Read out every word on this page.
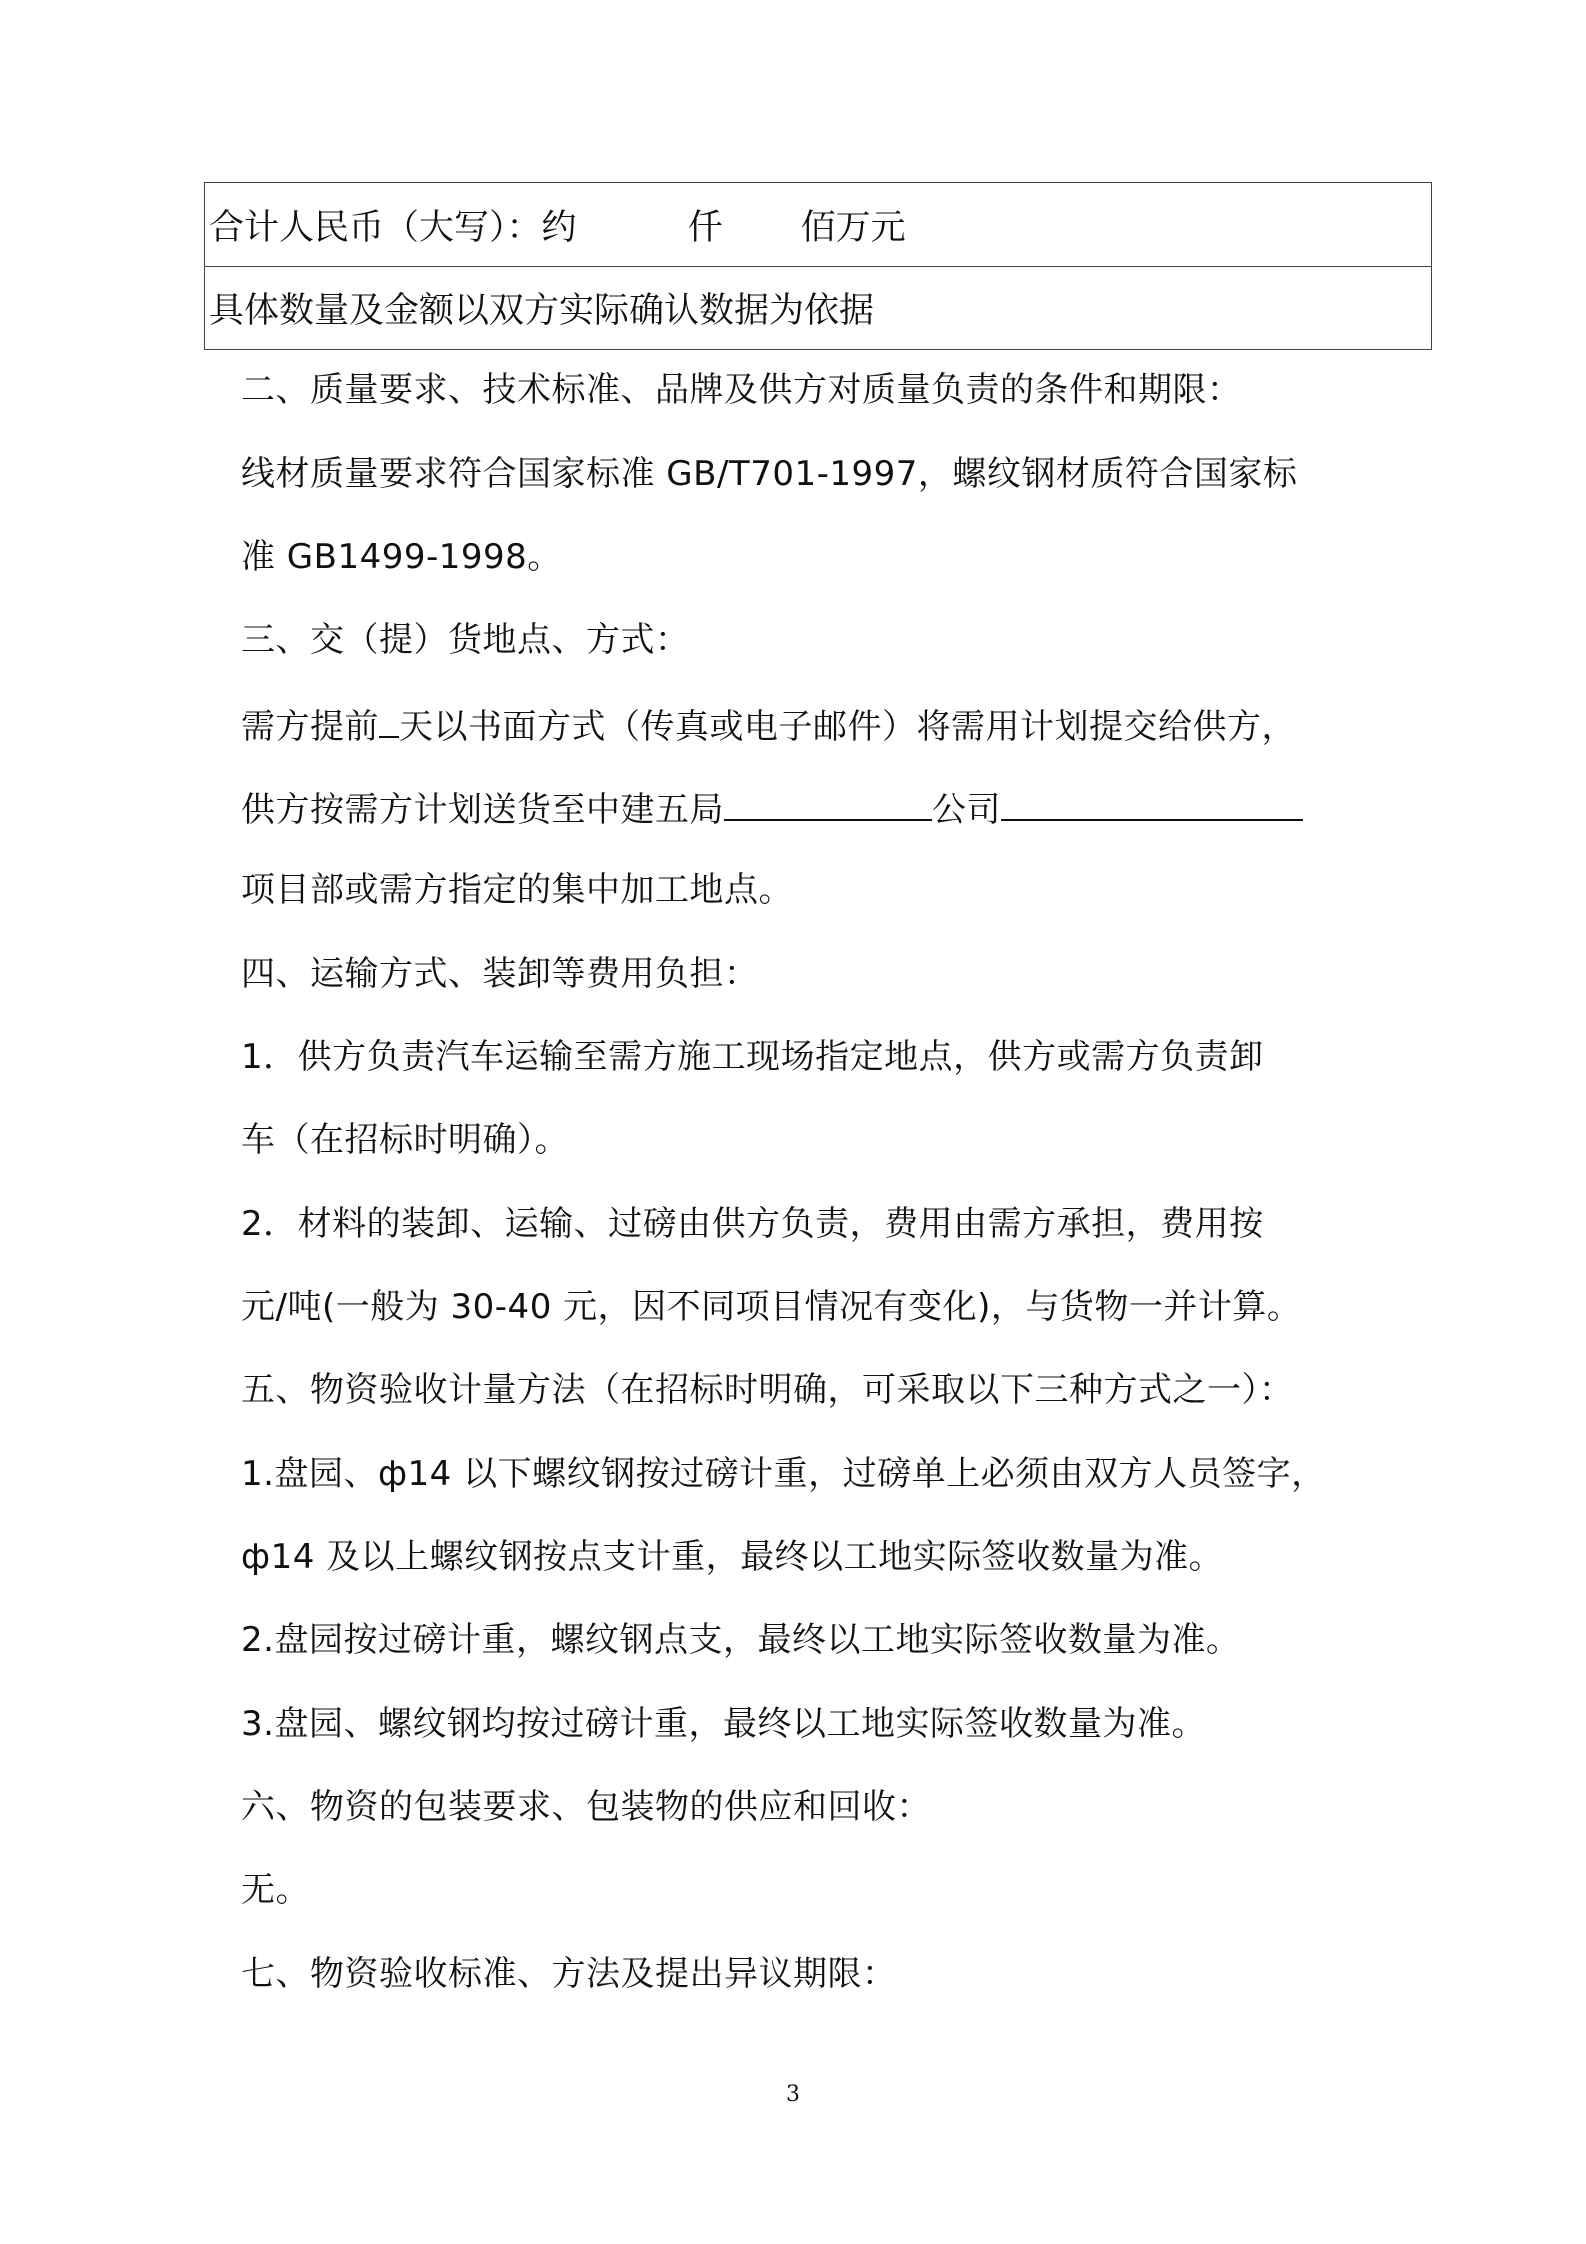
合计人民币（大写）：约          仟       佰万元
具体数量及金额以双方实际确认数据为依据
二、质量要求、技术标准、品牌及供方对质量负责的条件和期限：
线材质量要求符合国家标准 GB/T701-1997，螺纹钢材质符合国家标
准 GB1499-1998。
三、交（提）货地点、方式：
需方提前 天以书面方式（传真或电子邮件）将需用计划提交给供方，
供方按需方计划送货至中建五局	公司
项目部或需方指定的集中加工地点。
四、运输方式、装卸等费用负担：
1．供方负责汽车运输至需方施工现场指定地点，供方或需方负责卸
车（在招标时明确）。
2．材料的装卸、运输、过磅由供方负责，费用由需方承担，费用按
元/吨(一般为 30-40 元，因不同项目情况有变化)，与货物一并计算。
五、物资验收计量方法（在招标时明确，可采取以下三种方式之一）：
1.盘园、ф14 以下螺纹钢按过磅计重，过磅单上必须由双方人员签字，
ф14 及以上螺纹钢按点支计重，最终以工地实际签收数量为准。
2.盘园按过磅计重，螺纹钢点支，最终以工地实际签收数量为准。
3.盘园、螺纹钢均按过磅计重，最终以工地实际签收数量为准。
六、物资的包装要求、包装物的供应和回收：
无。
七、物资验收标准、方法及提出异议期限：
3
